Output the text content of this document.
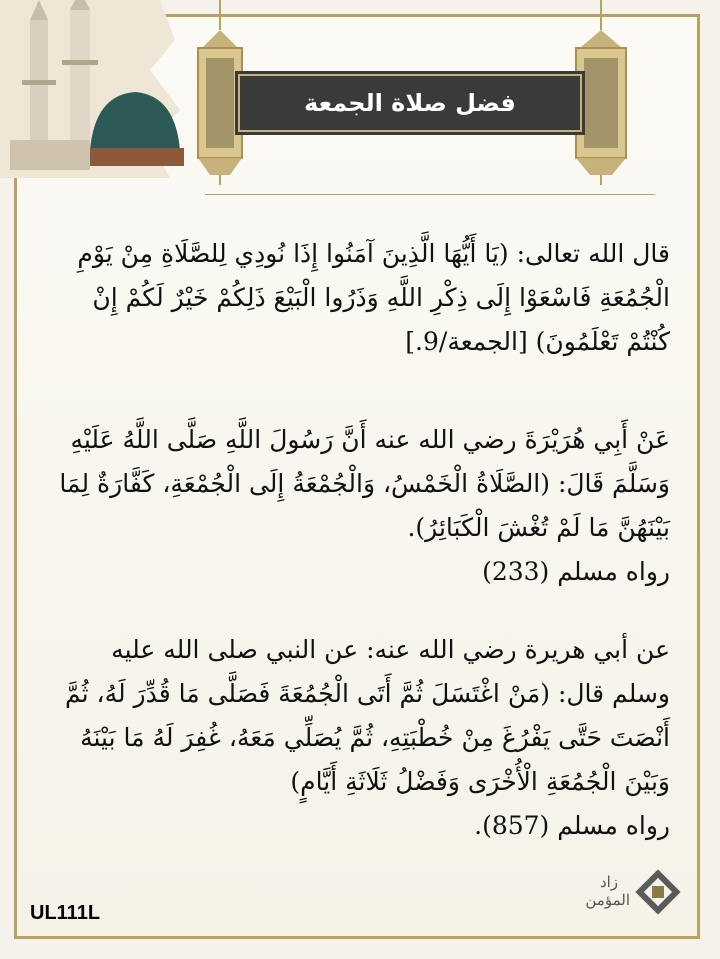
فضل صلاة الجمعة
قال الله تعالى: (يَا أَيُّهَا الَّذِينَ آمَنُوا إِذَا نُودِي لِلصَّلَاةِ مِنْ يَوْمِ الْجُمُعَةِ فَاسْعَوْا إِلَى ذِكْرِ اللَّهِ وَذَرُوا الْبَيْعَ ذَلِكُمْ خَيْرٌ لَكُمْ إِنْ كُنْتُمْ تَعْلَمُونَ) [الجمعة/9.]
عَنْ أَبِي هُرَيْرَةَ رضي الله عنه أَنَّ رَسُولَ اللَّهِ صَلَّى اللَّهُ عَلَيْهِ وَسَلَّمَ قَالَ: (الصَّلَاةُ الْخَمْسُ، وَالْجُمْعَةُ إِلَى الْجُمْعَةِ، كَفَّارَةٌ لِمَا بَيْنَهُنَّ مَا لَمْ تُغْشَ الْكَبَائِرُ).
رواه مسلم (233)
عن أبي هريرة رضي الله عنه: عن النبي صلى الله عليه وسلم قال: (مَنْ اغْتَسَلَ ثُمَّ أَتَى الْجُمُعَةَ فَصَلَّى مَا قُدِّرَ لَهُ، ثُمَّ أَنْصَتَ حَتَّى يَفْرُغَ مِنْ خُطْبَتِهِ، ثُمَّ يُصَلِّي مَعَهُ، غُفِرَ لَهُ مَا بَيْنَهُ وَبَيْنَ الْجُمُعَةِ الْأُخْرَى وَفَضْلُ ثَلَاثَةِ أَيَّامٍ)
رواه مسلم (857).
UL111L
زاد المؤمن
